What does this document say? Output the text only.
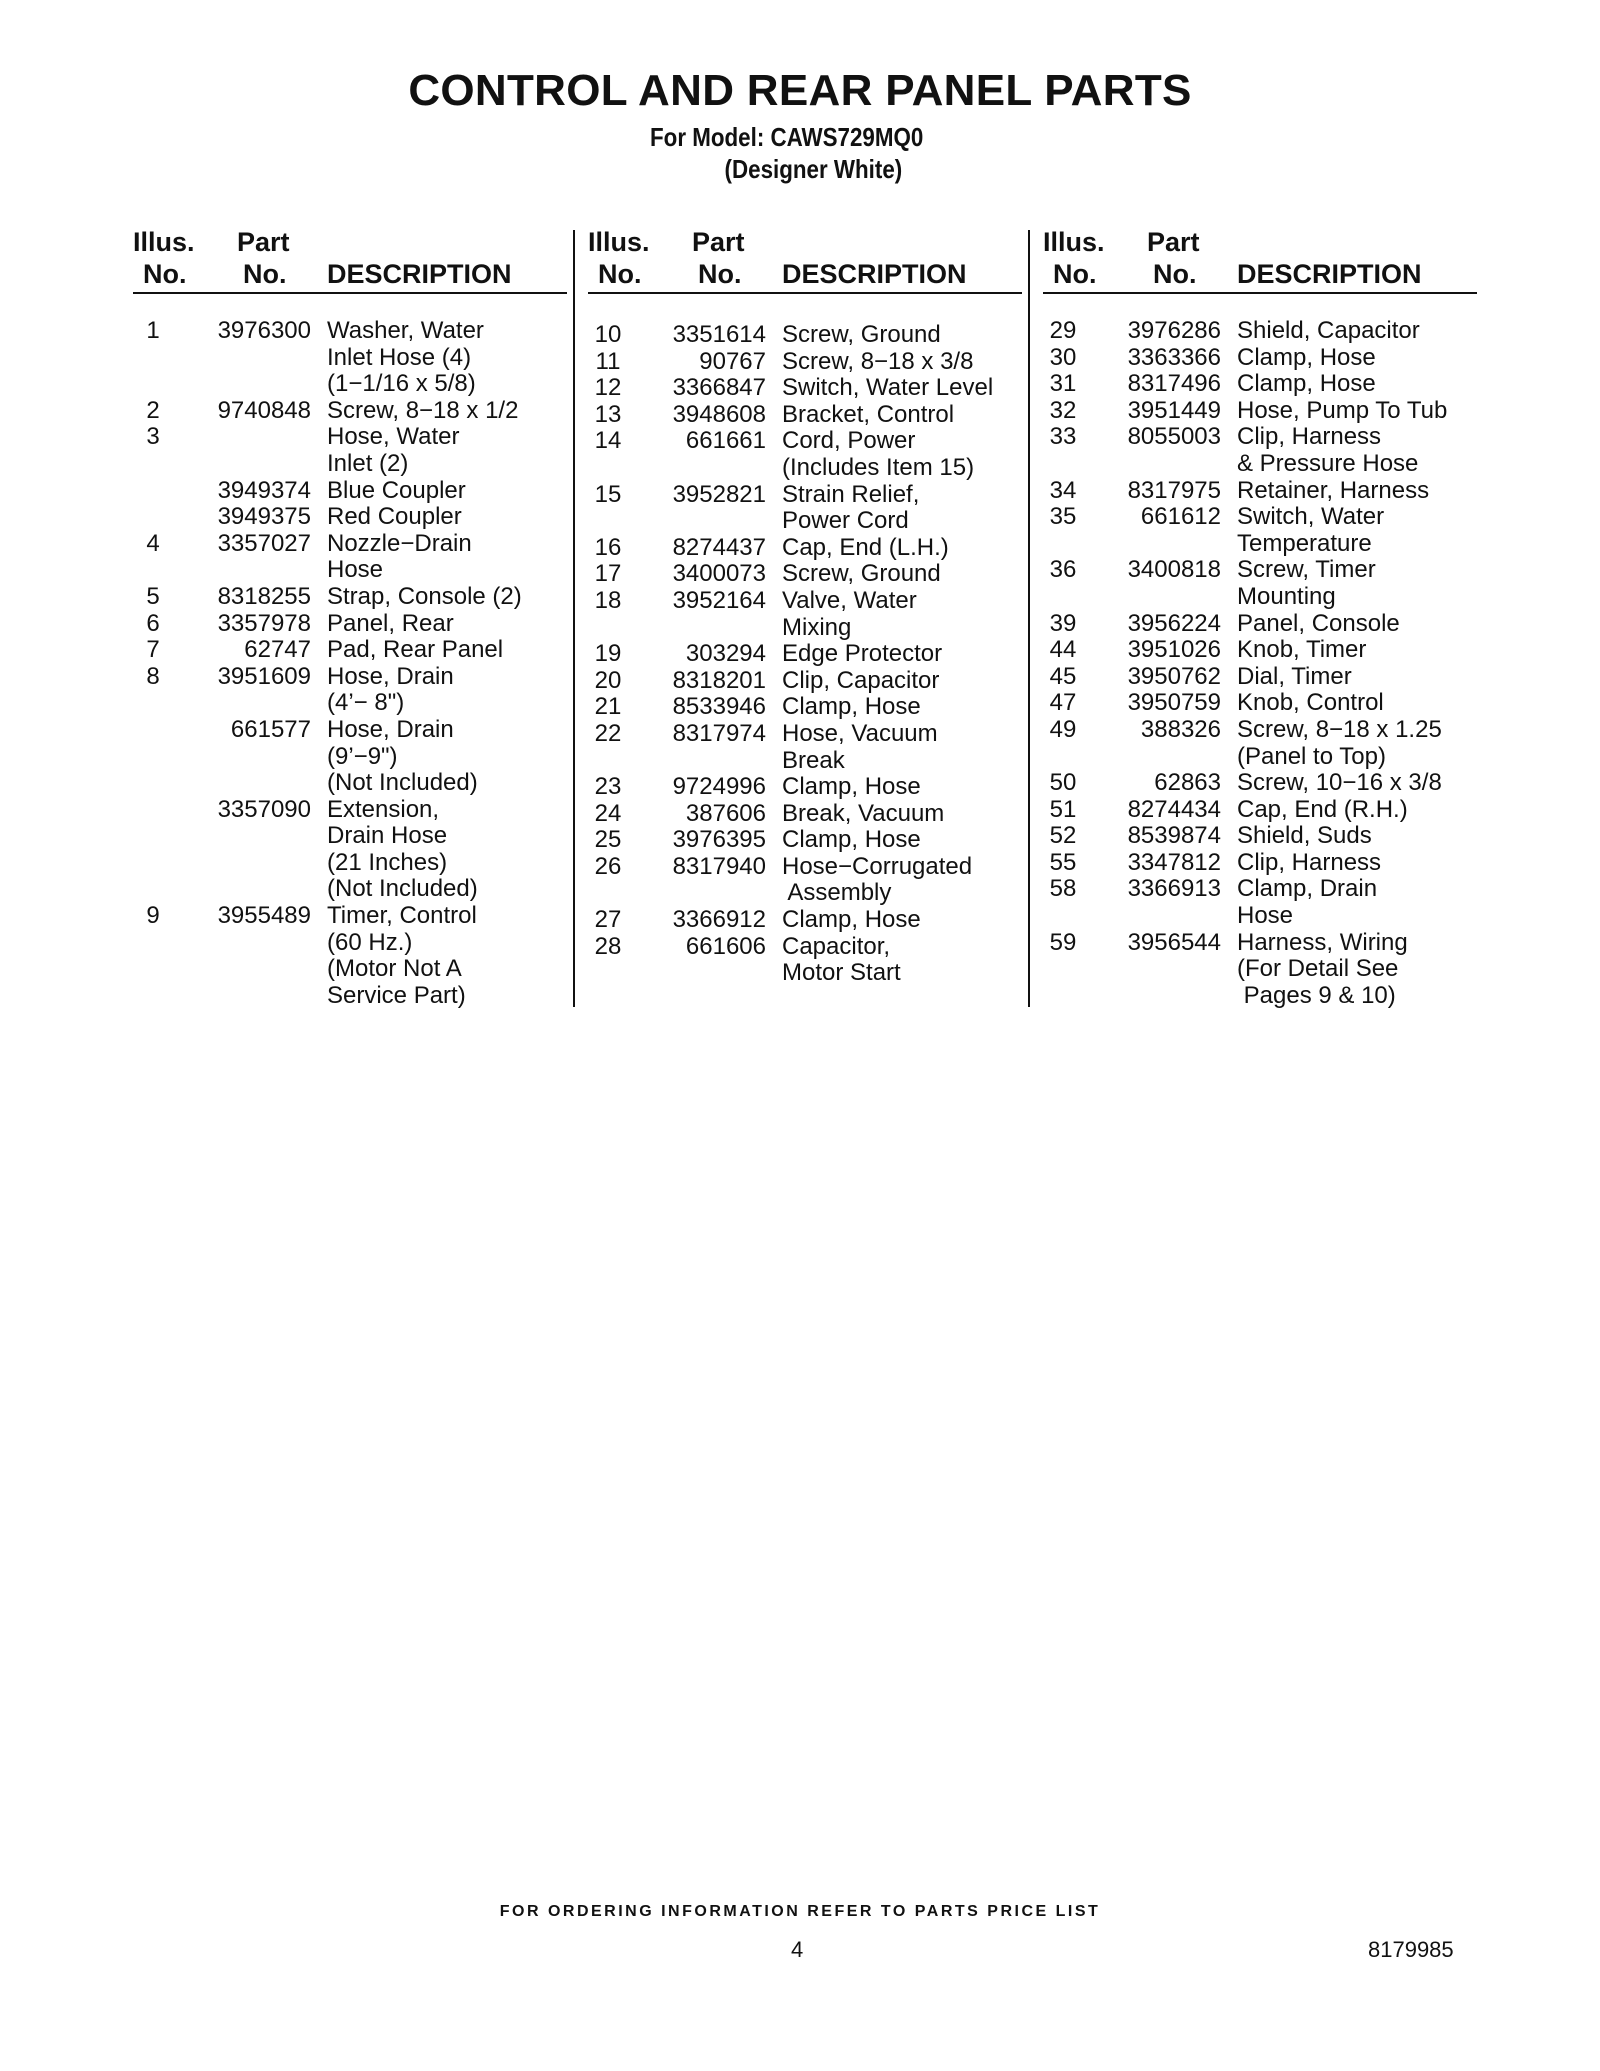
CONTROL AND REAR PANEL PARTS
For Model: CAWS729MQ0
(Designer White)
Illus.
No.
Part
No. DESCRIPTION
1	3976300 Washer, Water
Inlet Hose (4)
(1−1/16 x 5/8)
2	9740848 Screw, 8−18 x 1/2
3	Hose, Water
Inlet (2)
3949374 Blue Coupler
3949375 Red Coupler
4	3357027 Nozzle−Drain
Hose
5	8318255 Strap, Console (2)
6	3357978 Panel, Rear
7	62747 Pad, Rear Panel
8	3951609 Hose, Drain
(4’− 8")
661577 Hose, Drain
(9’−9")
(Not Included)
3357090 Extension,
Drain Hose
(21 Inches)
(Not Included)
9	3955489 Timer, Control
(60 Hz.)
(Motor Not A
Service Part)
Illus.
No.
Part
No. DESCRIPTION
10	3351614 Screw, Ground
11	90767 Screw, 8−18 x 3/8
12	3366847 Switch, Water Level
13	3948608 Bracket, Control
14	661661 Cord, Power
(Includes Item 15)
15	3952821 Strain Relief,
Power Cord
16	8274437 Cap, End (L.H.)
17	3400073 Screw, Ground
18	3952164 Valve, Water
Mixing
19	303294 Edge Protector
20	8318201 Clip, Capacitor
21	8533946 Clamp, Hose
22	8317974 Hose, Vacuum
Break
23	9724996 Clamp, Hose
24	387606 Break, Vacuum
25	3976395 Clamp, Hose
26	8317940 Hose−Corrugated
Assembly
27	3366912 Clamp, Hose
28	661606 Capacitor,
Motor Start
Illus.
No.
Part
No. DESCRIPTION
29	3976286 Shield, Capacitor
30	3363366 Clamp, Hose
31	8317496 Clamp, Hose
32	3951449 Hose, Pump To Tub
33	8055003 Clip, Harness
& Pressure Hose
34	8317975 Retainer, Harness
35	661612 Switch, Water
Temperature
36	3400818 Screw, Timer
Mounting
39	3956224 Panel, Console
44	3951026 Knob, Timer
45	3950762 Dial, Timer
47	3950759 Knob, Control
49	388326 Screw, 8−18 x 1.25
(Panel to Top)
50	62863 Screw, 10−16 x 3/8
51	8274434 Cap, End (R.H.)
52	8539874 Shield, Suds
55	3347812 Clip, Harness
58	3366913 Clamp, Drain
Hose
59	3956544 Harness, Wiring
(For Detail See
Pages 9 & 10)
FOR ORDERING INFORMATION REFER TO PARTS PRICE LIST
4	8179985
